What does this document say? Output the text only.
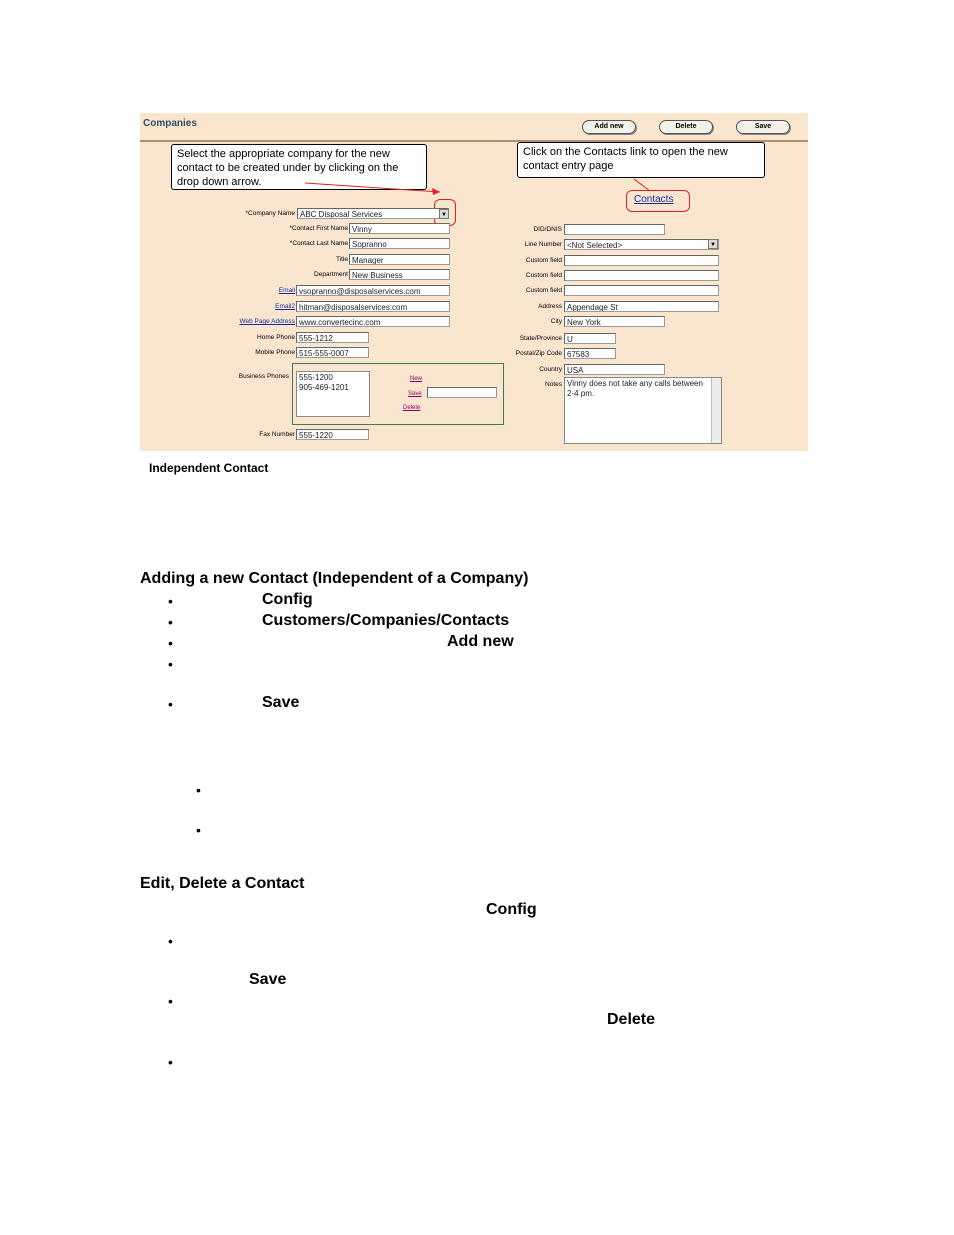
Companies	Add new	Delete	Save
Select the appropriate company for the new contact to be created under by clicking on the drop down arrow.
Click on the Contacts link to open the new contact entry page
Contacts
*Company Name ABC Disposal Services	▼
*Contact First Name Vinny
*Contact Last Name Sopranno
Title Manager
Department New Business
Email vsopranno@disposalservices.com
Email2 hitman@disposalservices.com
Web Page Address www.convertecinc.com
Home Phone 555-1212
Mobile Phone 515-555-0007
Business Phones 555-1200
905-469-1201
New
Save
Delete
Fax Number 555-1220
DID/DNIS
Line Number <Not Selected>	▼
Custom field
Custom field
Custom field
Address Appendage St
City New York
State/Province U
Postal/Zip Code 67583
Country USA
Notes Vinny does not take any calls between 2-4 pm.
Independent Contact
Adding a new Contact (Independent of a Company)
•	Config
•	Customers/Companies/Contacts
•	Add new
•
•	Save
•
•
Edit, Delete a Contact
Config
•
Save
•
Delete
•
